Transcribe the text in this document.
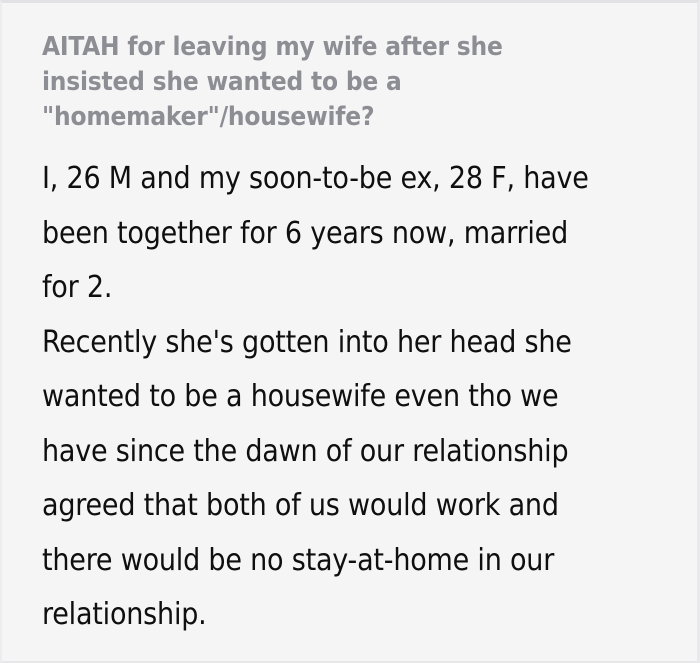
AITAH for leaving my wife after she
insisted she wanted to be a
"homemaker"/housewife?
I, 26 M and my soon-to-be ex, 28 F, have
been together for 6 years now, married
for 2.
Recently she's gotten into her head she
wanted to be a housewife even tho we
have since the dawn of our relationship
agreed that both of us would work and
there would be no stay-at-home in our
relationship.
